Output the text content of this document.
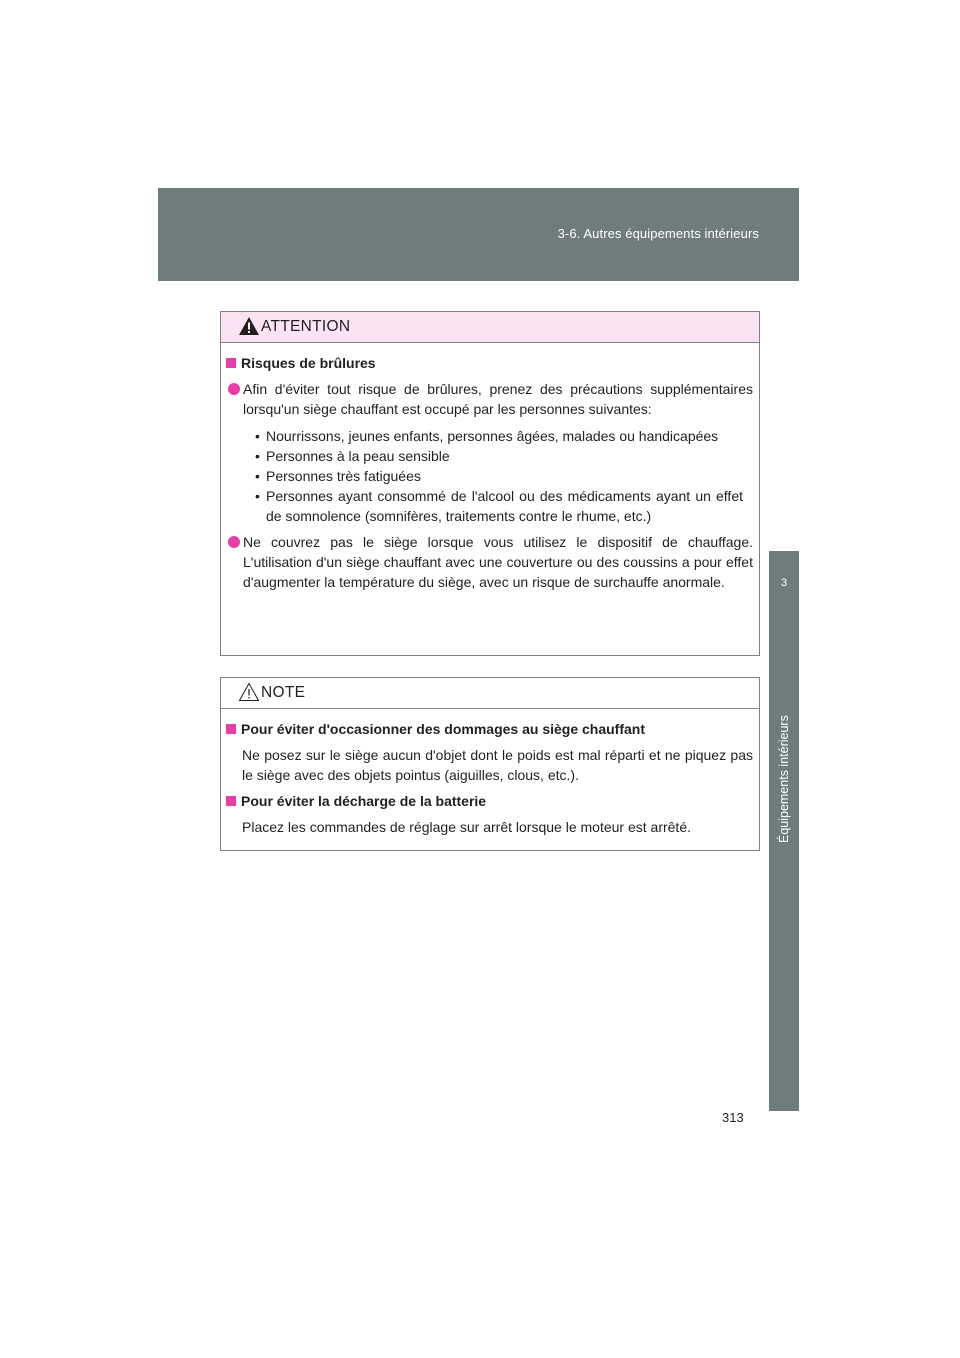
3-6. Autres équipements intérieurs
3
Équipements intérieurs
ATTENTION
Risques de brûlures
Afin d'éviter tout risque de brûlures, prenez des précautions supplémentaires lorsqu'un siège chauffant est occupé par les personnes suivantes:
• Nourrissons, jeunes enfants, personnes âgées, malades ou handicapées
• Personnes à la peau sensible
• Personnes très fatiguées
• Personnes ayant consommé de l'alcool ou des médicaments ayant un effet de somnolence (somnifères, traitements contre le rhume, etc.)
Ne couvrez pas le siège lorsque vous utilisez le dispositif de chauffage. L'utilisation d'un siège chauffant avec une couverture ou des coussins a pour effet d'augmenter la température du siège, avec un risque de surchauffe anormale.
NOTE
Pour éviter d'occasionner des dommages au siège chauffant
Ne posez sur le siège aucun d'objet dont le poids est mal réparti et ne piquez pas le siège avec des objets pointus (aiguilles, clous, etc.).
Pour éviter la décharge de la batterie
Placez les commandes de réglage sur arrêt lorsque le moteur est arrêté.
313
